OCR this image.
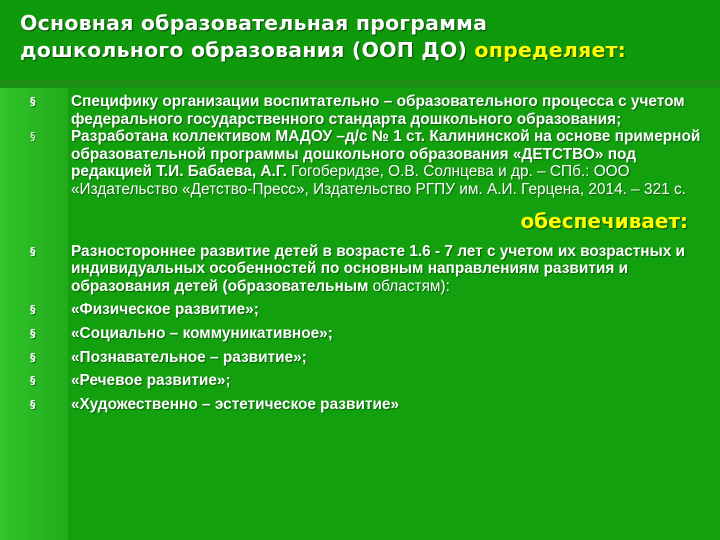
Основная образовательная программа
дошкольного образования (ООП ДО) определяет:
§ Специфику организации воспитательно – образовательного процесса с учетом федерального государственного стандарта дошкольного образования;
§ Разработана коллективом МАДОУ –д/с № 1 ст. Калининской на основе примерной образовательной программы дошкольного образования «ДЕТСТВО» под редакцией Т.И. Бабаева, А.Г. Гогоберидзе, О.В. Солнцева и др. – СПб.: ООО «Издательство «Детство-Пресс», Издательство РГПУ им. А.И. Герцена, 2014. – 321 с.
обеспечивает:
§ Разностороннее развитие детей в возрасте 1.6 - 7 лет с учетом их возрастных и индивидуальных особенностей по основным направлениям развития и образования детей (образовательным областям):
§ «Физическое развитие»;
§ «Социально – коммуникативное»;
§ «Познавательное – развитие»;
§ «Речевое развитие»;
§ «Художественно – эстетическое развитие»
